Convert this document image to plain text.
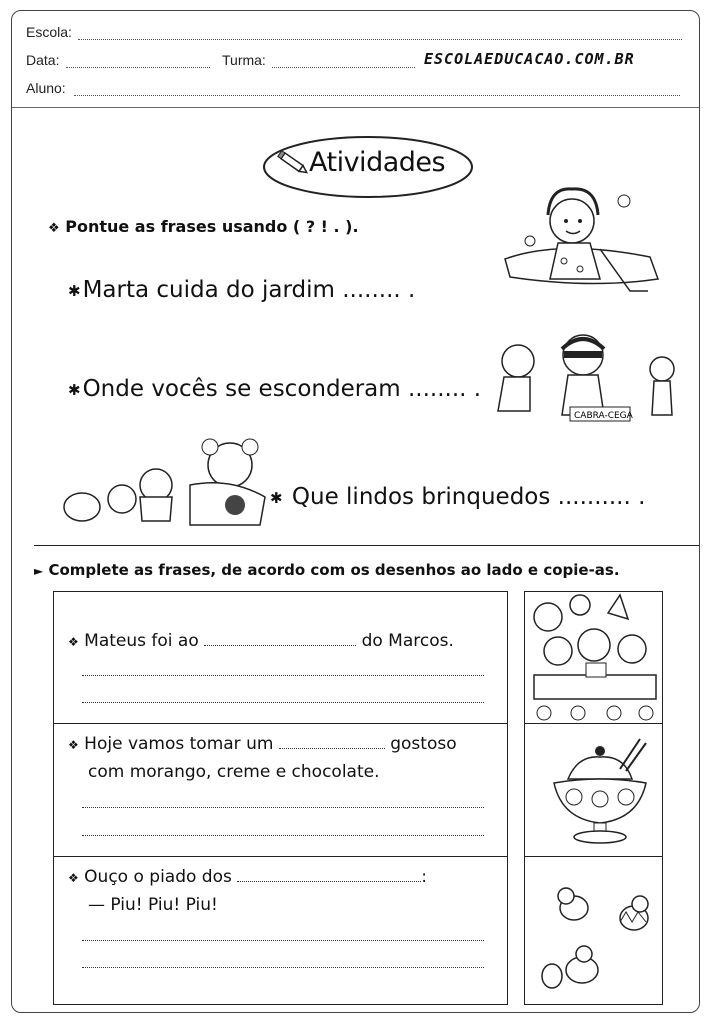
Escola:
Data:	Turma:	ESCOLAEDUCACAO.COM.BR
Aluno:
Atividades
❖ Pontue as frases usando ( ? ! . ).
✱Marta cuida do jardim ........ .
✱Onde vocês se esconderam ........ .
✱ Que lindos brinquedos .......... .
CABRA-CEGA
► Complete as frases, de acordo com os desenhos ao lado e copie-as.
❖ Mateus foi ao	do Marcos.
❖ Hoje vamos tomar um	gostoso
com morango, creme e chocolate.
❖ Ouço o piado dos	:
— Piu! Piu! Piu!
